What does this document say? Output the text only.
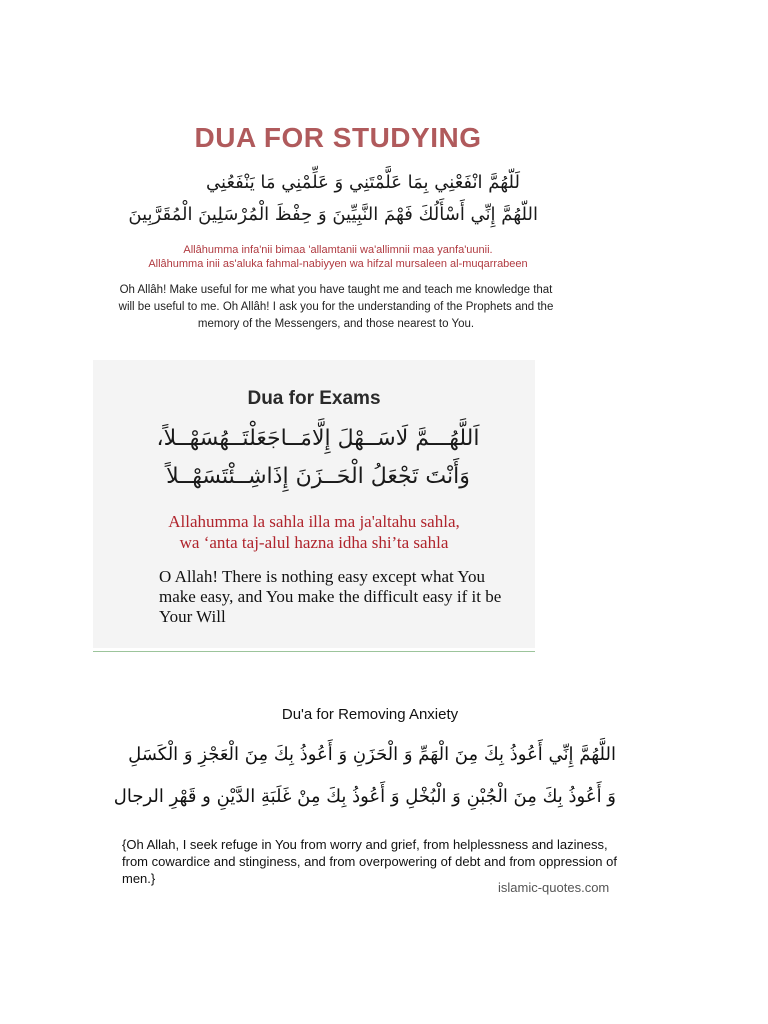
DUA FOR STUDYING
لَلّهُمَّ انْفَعْنِي بِمَا عَلَّمْتَنِي وَ عَلِّمْنِي مَا يَنْفَعُنِي
اللّهُمَّ إِنِّي أَسْأَلُكَ فَهْمَ النَّبِيِّينَ وَ حِفْظَ الْمُرْسَلِينَ الْمُقَرَّبِينَ
Allâhumma infa'nii bimaa 'allamtanii wa'allimnii maa yanfa'uunii.
Allâhumma inii as'aluka fahmal-nabiyyen wa hifzal mursaleen al-muqarrabeen
Oh Allâh! Make useful for me what you have taught me and teach me knowledge that will be useful to me. Oh Allâh! I ask you for the understanding of the Prophets and the memory of the Messengers, and those nearest to You.
Dua for Exams
اَللَّهُـــمَّ لَاسَــهْلَ إِلَّامَــاجَعَلْتَــهُسَهْــلاً،
وَأَنْتَ تَجْعَلُ الْحَــزَنَ إِذَاشِــئْتَسَهْــلاً
Allahumma la sahla illa ma ja'altahu sahla,
wa ‘anta taj-alul hazna idha shi’ta sahla
O Allah! There is nothing easy except what You make easy, and You make the difficult easy if it be Your Will
Du'a for Removing Anxiety
اللَّهُمَّ إِنِّي أَعُوذُ بِكَ مِنَ الْهَمِّ وَ الْحَزَنِ وَ أَعُوذُ بِكَ مِنَ الْعَجْزِ وَ الْكَسَلِ
وَ أَعُوذُ بِكَ مِنَ الْجُبْنِ وَ الْبُخْلِ وَ أَعُوذُ بِكَ مِنْ غَلَبَةِ الدَّيْنِ و قَهْرِ الرجال
{Oh Allah, I seek refuge in You from worry and grief, from helplessness and laziness, from cowardice and stinginess, and from overpowering of debt and from oppression of men.}
islamic-quotes.com
